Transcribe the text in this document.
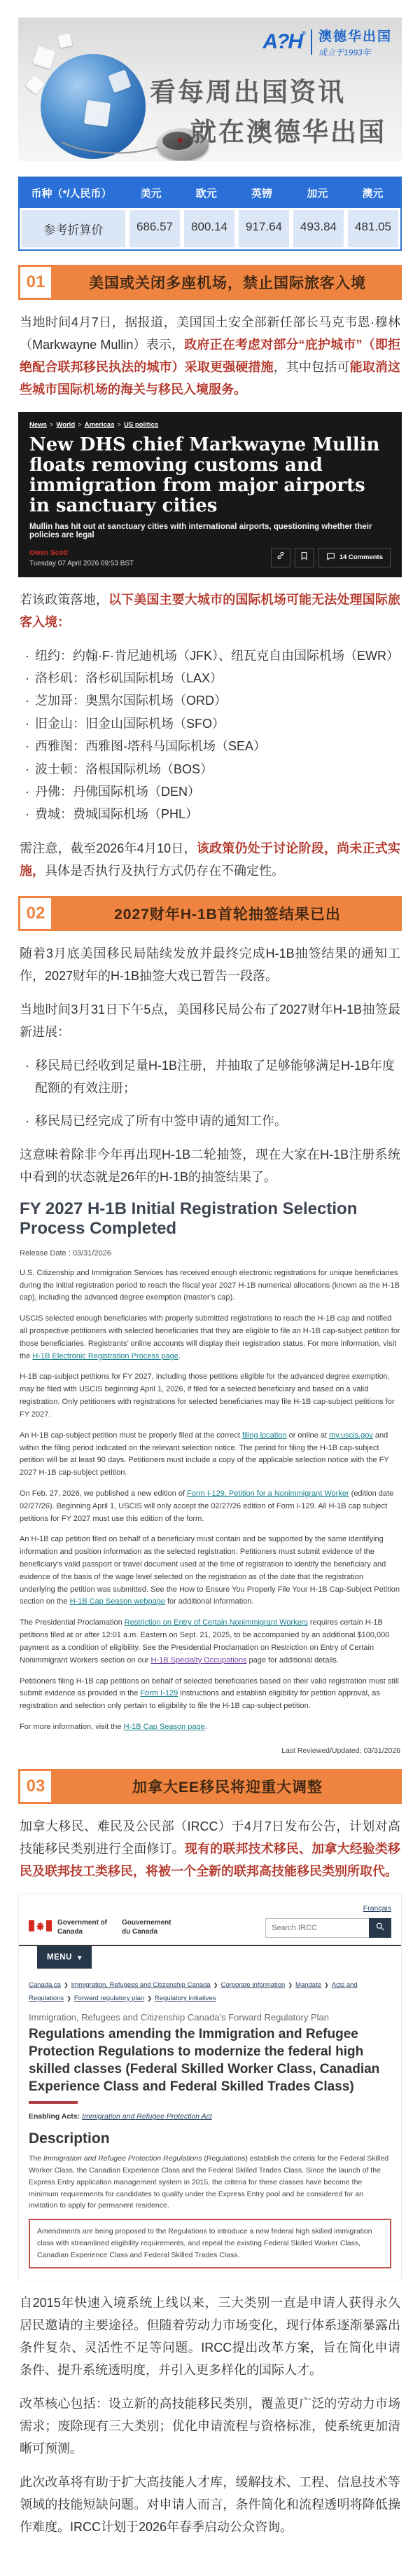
A?H® 澳德华出国
成立于1993年
看每周出国资讯
就在澳德华出国
币种（*/人民币）	美元	欧元	英镑	加元	澳元
参考折算价	686.57	800.14	917.64	493.84	481.05
01	美国或关闭多座机场，禁止国际旅客入境

当地时间4月7日，据报道，美国国土安全部新任部长马克韦恩·穆林（Markwayne Mullin）表示，政府正在考虑对部分“庇护城市”（即拒绝配合联邦移民执法的城市）采取更强硬措施，其中包括可能取消这些城市国际机场的海关与移民入境服务。

News > World > Americas > US politics
New DHS chief Markwayne Mullin floats removing customs and immigration from major airports in sanctuary cities
Mullin has hit out at sanctuary cities with international airports, questioning whether their policies are legal
Owen Scott
Tuesday 07 April 2026 09:53 BST
14 Comments

若该政策落地，以下美国主要大城市的国际机场可能无法处理国际旅客入境：

· 纽约：约翰·F·肯尼迪机场（JFK）、纽瓦克自由国际机场（EWR）
· 洛杉矶：洛杉矶国际机场（LAX）
· 芝加哥：奥黑尔国际机场（ORD）
· 旧金山：旧金山国际机场（SFO）
· 西雅图：西雅图-塔科马国际机场（SEA）
· 波士顿：洛根国际机场（BOS）
· 丹佛：丹佛国际机场（DEN）
· 费城：费城国际机场（PHL）

需注意，截至2026年4月10日，该政策仍处于讨论阶段，尚未正式实施，具体是否执行及执行方式仍存在不确定性。

02	2027财年H-1B首轮抽签结果已出

随着3月底美国移民局陆续发放并最终完成H-1B抽签结果的通知工作，2027财年的H-1B抽签大戏已暂告一段落。

当地时间3月31日下午5点，美国移民局公布了2027财年H-1B抽签最新进展：

· 移民局已经收到足量H-1B注册，并抽取了足够能够满足H-1B年度配额的有效注册；
· 移民局已经完成了所有中签申请的通知工作。

这意味着除非今年再出现H-1B二轮抽签，现在大家在H-1B注册系统中看到的状态就是26年的H-1B的抽签结果了。

FY 2027 H-1B Initial Registration Selection Process Completed
Release Date : 03/31/2026

U.S. Citizenship and Immigration Services has received enough electronic registrations for unique beneficiaries during the initial registration period to reach the fiscal year 2027 H-1B numerical allocations (known as the H-1B cap), including the advanced degree exemption (master’s cap).

USCIS selected enough beneficiaries with properly submitted registrations to reach the H-1B cap and notified all prospective petitioners with selected beneficiaries that they are eligible to file an H-1B cap-subject petition for those beneficiaries. Registrants’ online accounts will display their registration status. For more information, visit the H-1B Electronic Registration Process page.

H-1B cap-subject petitions for FY 2027, including those petitions eligible for the advanced degree exemption, may be filed with USCIS beginning April 1, 2026, if filed for a selected beneficiary and based on a valid registration. Only petitioners with registrations for selected beneficiaries may file H-1B cap-subject petitions for FY 2027.

An H-1B cap-subject petition must be properly filed at the correct filing location or online at my.uscis.gov and within the filing period indicated on the relevant selection notice. The period for filing the H-1B cap-subject petition will be at least 90 days. Petitioners must include a copy of the applicable selection notice with the FY 2027 H-1B cap-subject petition.

On Feb. 27, 2026, we published a new edition of Form I-129, Petition for a Nonimmigrant Worker (edition date 02/27/26). Beginning April 1, USCIS will only accept the 02/27/26 edition of Form I-129. All H-1B cap subject petitions for FY 2027 must use this edition of the form.

An H-1B cap petition filed on behalf of a beneficiary must contain and be supported by the same identifying information and position information as the selected registration. Petitioners must submit evidence of the beneficiary’s valid passport or travel document used at the time of registration to identify the beneficiary and evidence of the basis of the wage level selected on the registration as of the date that the registration underlying the petition was submitted. See the How to Ensure You Properly File Your H-1B Cap-Subject Petition section on the H-1B Cap Season webpage for additional information.

The Presidential Proclamation Restriction on Entry of Certain Nonimmigrant Workers requires certain H-1B petitions filed at or after 12:01 a.m. Eastern on Sept. 21, 2025, to be accompanied by an additional $100,000 payment as a condition of eligibility. See the Presidential Proclamation on Restriction on Entry of Certain Nonimmigrant Workers section on our H-1B Specialty Occupations page for additional details.

Petitioners filing H-1B cap petitions on behalf of selected beneficiaries based on their valid registration must still submit evidence as provided in the Form I-129 instructions and establish eligibility for petition approval, as registration and selection only pertain to eligibility to file the H-1B cap-subject petition.

For more information, visit the H-1B Cap Season page.

Last Reviewed/Updated: 03/31/2026
03	加拿大EE移民将迎重大调整

加拿大移民、难民及公民部（IRCC）于4月7日发布公告，计划对高技能移民类别进行全面修订。现有的联邦技术移民、加拿大经验类移民及联邦技工类移民，将被一个全新的联邦高技能移民类别所取代。

Français
Government of Canada
Gouvernement du Canada
Search IRCC
MENU ▾
Canada.ca ❯ Immigration, Refugees and Citizenship Canada ❯ Corporate information ❯ Mandate ❯ Acts and Regulations ❯ Forward regulatory plan ❯ Regulatory initiatives
Immigration, Refugees and Citizenship Canada’s Forward Regulatory Plan
Regulations amending the Immigration and Refugee Protection Regulations to modernize the federal high skilled classes (Federal Skilled Worker Class, Canadian Experience Class and Federal Skilled Trades Class)
Enabling Acts: Immigration and Refugee Protection Act
Description

The Immigration and Refugee Protection Regulations (Regulations) establish the criteria for the Federal Skilled Worker Class, the Canadian Experience Class and the Federal Skilled Trades Class. Since the launch of the Express Entry application management system in 2015, the criteria for these classes have become the minimum requirements for candidates to qualify under the Express Entry pool and be considered for an invitation to apply for permanent residence.

Amendments are being proposed to the Regulations to introduce a new federal high skilled immigration class with streamlined eligibility requirements, and repeal the existing Federal Skilled Worker Class, Canadian Experience Class and Federal Skilled Trades Class.

自2015年快速入境系统上线以来，三大类别一直是申请人获得永久居民邀请的主要途径。但随着劳动力市场变化，现行体系逐渐暴露出条件复杂、灵活性不足等问题。IRCC提出改革方案，旨在简化申请条件、提升系统透明度，并引入更多样化的国际人才。

改革核心包括：设立新的高技能移民类别，覆盖更广泛的劳动力市场需求；废除现有三大类别；优化申请流程与资格标准，使系统更加清晰可预测。

此次改革将有助于扩大高技能人才库，缓解技术、工程、信息技术等领域的技能短缺问题。对申请人而言，条件简化和流程透明将降低操作难度。IRCC计划于2026年春季启动公众咨询。
